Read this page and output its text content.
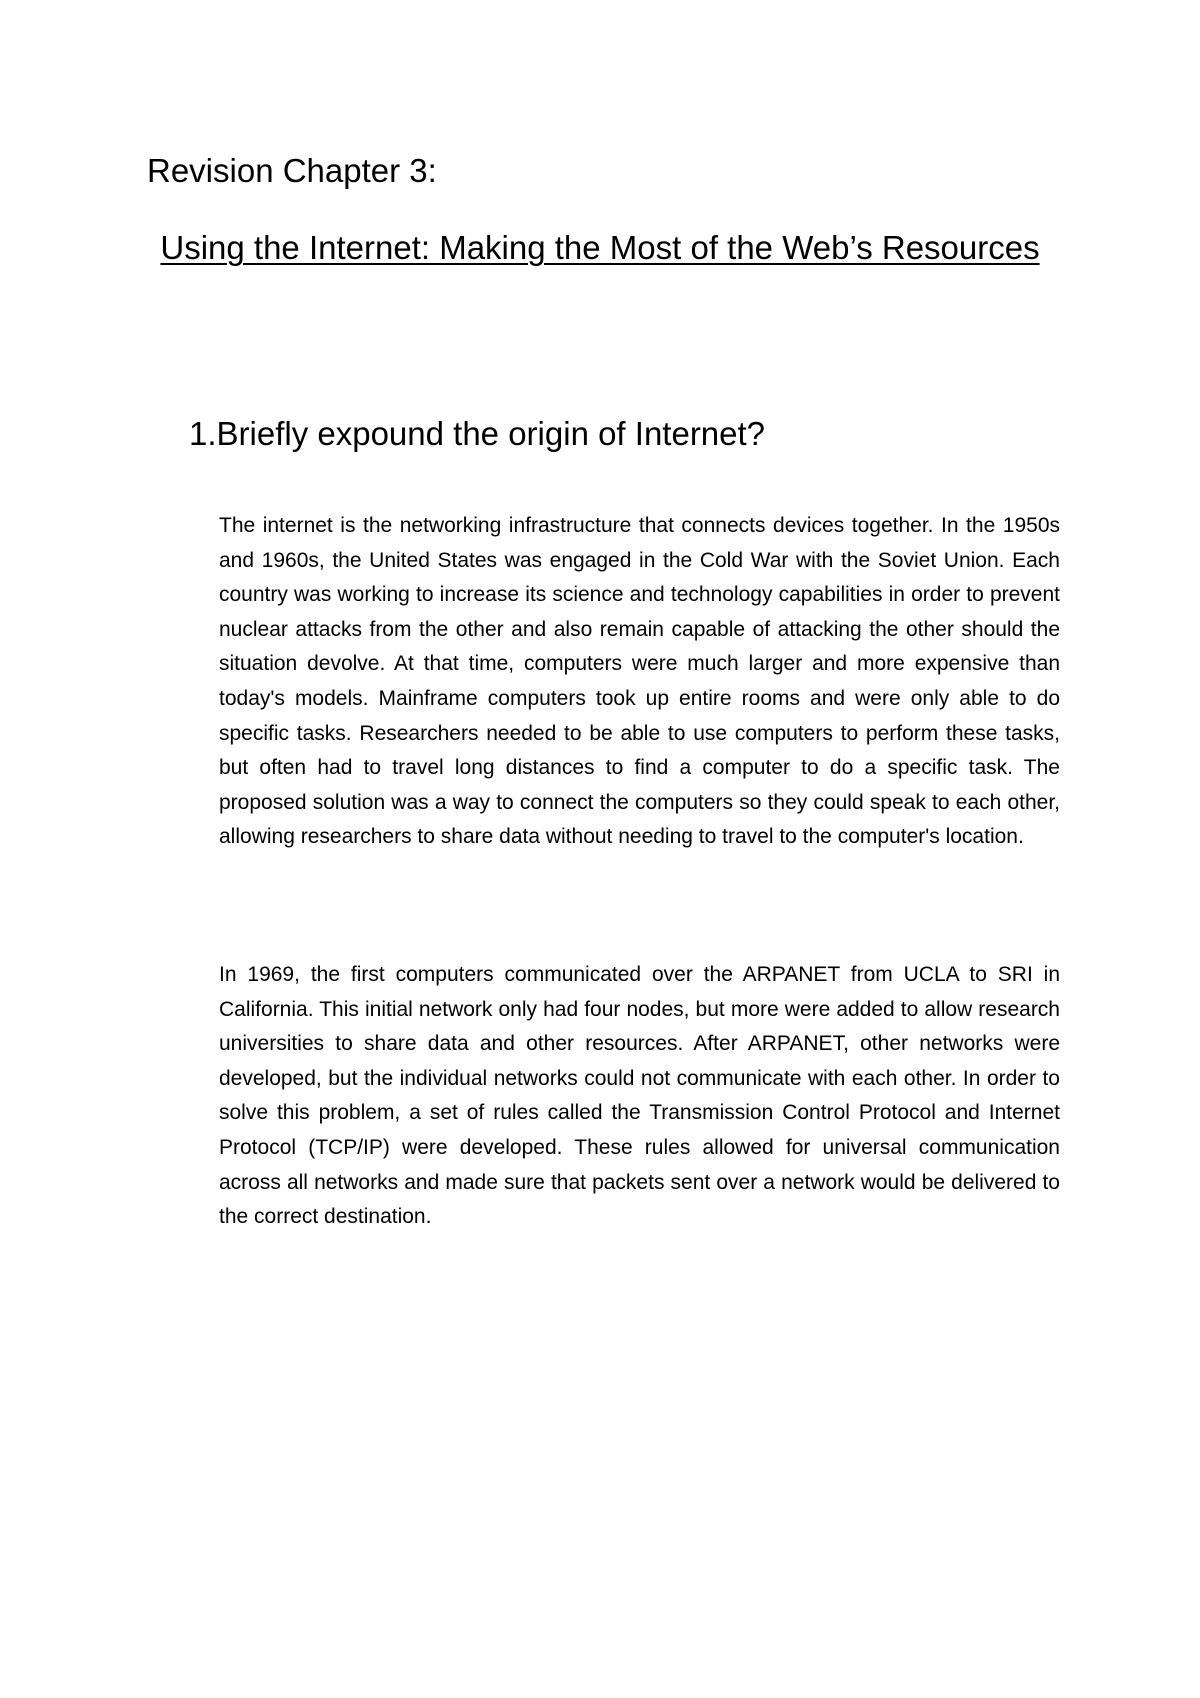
Revision Chapter 3:
Using the Internet: Making the Most of the Web’s Resources
1.Briefly expound the origin of Internet?

The internet is the networking infrastructure that connects devices together. In the 1950s and 1960s, the United States was engaged in the Cold War with the Soviet Union. Each country was working to increase its science and technology capabilities in order to prevent nuclear attacks from the other and also remain capable of attacking the other should the situation devolve. At that time, computers were much larger and more expensive than today's models. Mainframe computers took up entire rooms and were only able to do specific tasks. Researchers needed to be able to use computers to perform these tasks, but often had to travel long distances to find a computer to do a specific task. The proposed solution was a way to connect the computers so they could speak to each other, allowing researchers to share data without needing to travel to the computer's location.

In 1969, the first computers communicated over the ARPANET from UCLA to SRI in California. This initial network only had four nodes, but more were added to allow research universities to share data and other resources. After ARPANET, other networks were developed, but the individual networks could not communicate with each other. In order to solve this problem, a set of rules called the Transmission Control Protocol and Internet Protocol (TCP/IP) were developed. These rules allowed for universal communication across all networks and made sure that packets sent over a network would be delivered to the correct destination.
